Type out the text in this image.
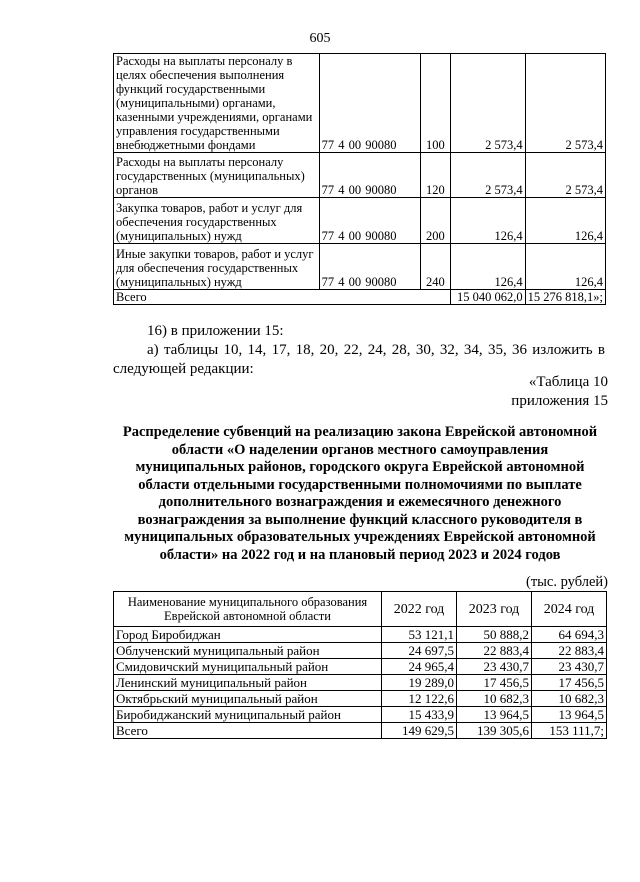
605
Расходы на выплаты персоналу в целях обеспечения выполнения функций государственными (муниципальными) органами, казенными учреждениями, органами управления государственными внебюджетными фондами	77 4 00 90080	100	2 573,4	2 573,4
Расходы на выплаты персоналу государственных (муниципальных) органов	77 4 00 90080	120	2 573,4	2 573,4
Закупка товаров, работ и услуг для обеспечения государственных (муниципальных) нужд	77 4 00 90080	200	126,4	126,4
Иные закупки товаров, работ и услуг для обеспечения государственных (муниципальных) нужд	77 4 00 90080	240	126,4	126,4
Всего			15 040 062,0	15 276 818,1»;

16) в приложении 15:

а) таблицы 10, 14, 17, 18, 20, 22, 24, 28, 30, 32, 34, 35, 36 изложить в

следующей редакции:

«Таблица 10

приложения 15

Распределение субвенций на реализацию закона Еврейской автономной
области «О наделении органов местного самоуправления
муниципальных районов, городского округа Еврейской автономной
области отдельными государственными полномочиями по выплате
дополнительного вознаграждения и ежемесячного денежного
вознаграждения за выполнение функций классного руководителя в
муниципальных образовательных учреждениях Еврейской автономной
области» на 2022 год и на плановый период 2023 и 2024 годов
(тыс. рублей)
Наименование муниципального образования Еврейской автономной области	2022 год	2023 год	2024 год
Город Биробиджан	53 121,1	50 888,2	64 694,3
Облученский муниципальный район	24 697,5	22 883,4	22 883,4
Смидовичский муниципальный район	24 965,4	23 430,7	23 430,7
Ленинский муниципальный район	19 289,0	17 456,5	17 456,5
Октябрьский муниципальный район	12 122,6	10 682,3	10 682,3
Биробиджанский муниципальный район	15 433,9	13 964,5	13 964,5
Всего	149 629,5	139 305,6	153 111,7;
